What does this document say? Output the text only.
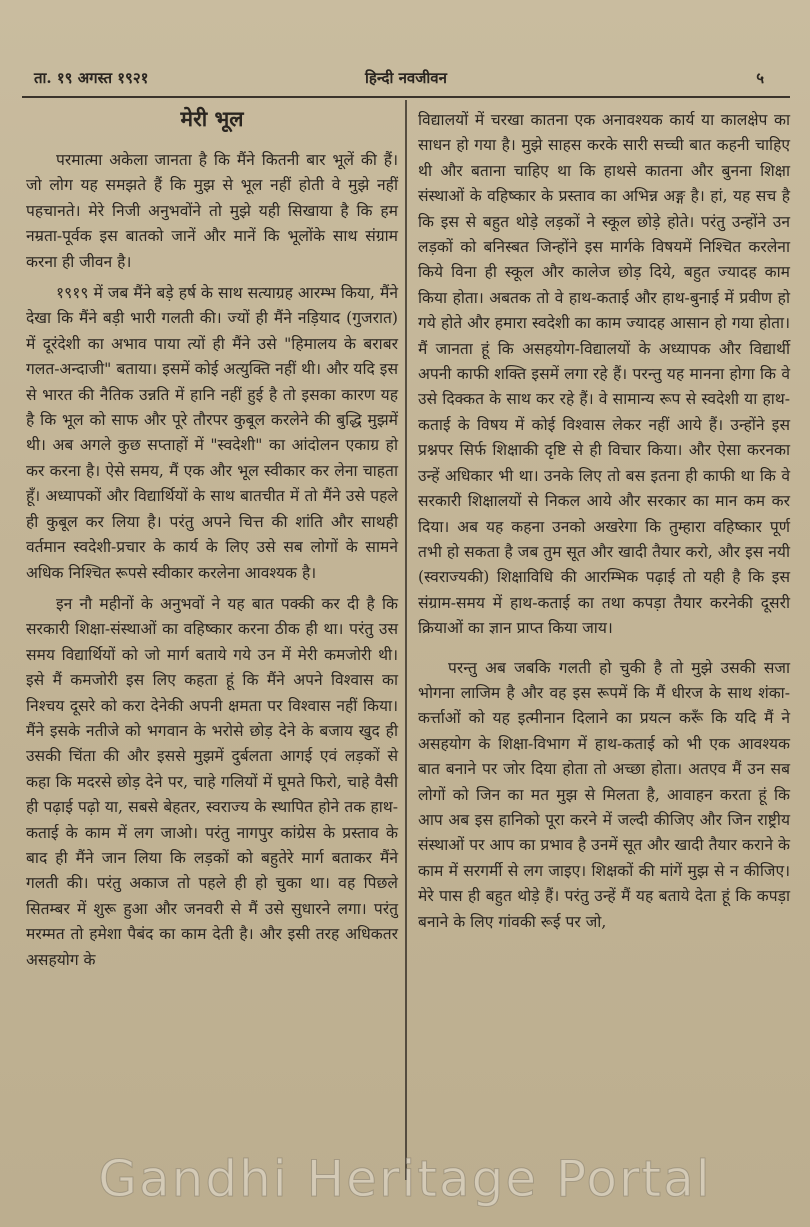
ता. १९ अगस्त १९२१	हिन्दी नवजीवन	५
मेरी भूल

परमात्मा अकेला जानता है कि मैंने कितनी बार भूलें की हैं। जो लोग यह समझते हैं कि मुझ से भूल नहीं होती वे मुझे नहीं पहचानते। मेरे निजी अनुभवोंने तो मुझे यही सिखाया है कि हम नम्रता-पूर्वक इस बातको जानें और मानें कि भूलोंके साथ संग्राम करना ही जीवन है।

१९१९ में जब मैंने बड़े हर्ष के साथ सत्याग्रह आरम्भ किया, मैंने देखा कि मैंने बड़ी भारी गलती की। ज्यों ही मैंने नड़ियाद (गुजरात) में दूरंदेशी का अभाव पाया त्यों ही मैंने उसे "हिमालय के बराबर गलत-अन्दाजी" बताया। इसमें कोई अत्युक्ति नहीं थी। और यदि इस से भारत की नैतिक उन्नति में हानि नहीं हुई है तो इसका कारण यह है कि भूल को साफ और पूरे तौरपर कुबूल करलेने की बुद्धि मुझमें थी। अब अगले कुछ सप्ताहों में "स्वदेशी" का आंदोलन एकाग्र हो कर करना है। ऐसे समय, मैं एक और भूल स्वीकार कर लेना चाहता हूँ। अध्यापकों और विद्यार्थियों के साथ बातचीत में तो मैंने उसे पहले ही कुबूल कर लिया है। परंतु अपने चित्त की शांति और साथही वर्तमान स्वदेशी-प्रचार के कार्य के लिए उसे सब लोगों के सामने अधिक निश्चित रूपसे स्वीकार करलेना आवश्यक है।

इन नौ महीनों के अनुभवों ने यह बात पक्की कर दी है कि सरकारी शिक्षा-संस्थाओं का वहिष्कार करना ठीक ही था। परंतु उस समय विद्यार्थियों को जो मार्ग बताये गये उन में मेरी कमजोरी थी। इसे मैं कमजोरी इस लिए कहता हूं कि मैंने अपने विश्वास का निश्चय दूसरे को करा देनेकी अपनी क्षमता पर विश्वास नहीं किया। मैंने इसके नतीजे को भगवान के भरोसे छोड़ देने के बजाय खुद ही उसकी चिंता की और इससे मुझमें दुर्बलता आगई एवं लड़कों से कहा कि मदरसे छोड़ देने पर, चाहे गलियों में घूमते फिरो, चाहे वैसी ही पढ़ाई पढ़ो या, सबसे बेहतर, स्वराज्य के स्थापित होने तक हाथ-कताई के काम में लग जाओ। परंतु नागपुर कांग्रेस के प्रस्ताव के बाद ही मैंने जान लिया कि लड़कों को बहुतेरे मार्ग बताकर मैंने गलती की। परंतु अकाज तो पहले ही हो चुका था। वह पिछले सितम्बर में शुरू हुआ और जनवरी से मैं उसे सुधारने लगा। परंतु मरम्मत तो हमेशा पैबंद का काम देती है। और इसी तरह अधिकतर असहयोग के

विद्यालयों में चरखा कातना एक अनावश्यक कार्य या कालक्षेप का साधन हो गया है। मुझे साहस करके सारी सच्ची बात कहनी चाहिए थी और बताना चाहिए था कि हाथसे कातना और बुनना शिक्षा संस्थाओं के वहिष्कार के प्रस्ताव का अभिन्न अङ्ग है। हां, यह सच है कि इस से बहुत थोड़े लड़कों ने स्कूल छोड़े होते। परंतु उन्होंने उन लड़कों को बनिस्बत जिन्होंने इस मार्गके विषयमें निश्चित करलेना किये विना ही स्कूल और कालेज छोड़ दिये, बहुत ज्यादह काम किया होता। अबतक तो वे हाथ-कताई और हाथ-बुनाई में प्रवीण हो गये होते और हमारा स्वदेशी का काम ज्यादह आसान हो गया होता। मैं जानता हूं कि असहयोग-विद्यालयों के अध्यापक और विद्यार्थी अपनी काफी शक्ति इसमें लगा रहे हैं। परन्तु यह मानना होगा कि वे उसे दिक्कत के साथ कर रहे हैं। वे सामान्य रूप से स्वदेशी या हाथ-कताई के विषय में कोई विश्वास लेकर नहीं आये हैं। उन्होंने इस प्रश्नपर सिर्फ शिक्षाकी दृष्टि से ही विचार किया। और ऐसा करनका उन्हें अधिकार भी था। उनके लिए तो बस इतना ही काफी था कि वे सरकारी शिक्षालयों से निकल आये और सरकार का मान कम कर दिया। अब यह कहना उनको अखरेगा कि तुम्हारा वहिष्कार पूर्ण तभी हो सकता है जब तुम सूत और खादी तैयार करो, और इस नयी (स्वराज्यकी) शिक्षाविधि की आरम्भिक पढ़ाई तो यही है कि इस संग्राम-समय में हाथ-कताई का तथा कपड़ा तैयार करनेकी दूसरी क्रियाओं का ज्ञान प्राप्त किया जाय।

परन्तु अब जबकि गलती हो चुकी है तो मुझे उसकी सजा भोगना लाजिम है और वह इस रूपमें कि मैं धीरज के साथ शंका-कर्त्ताओं को यह इत्मीनान दिलाने का प्रयत्न करूँ कि यदि मैं ने असहयोग के शिक्षा-विभाग में हाथ-कताई को भी एक आवश्यक बात बनाने पर जोर दिया होता तो अच्छा होता। अतएव मैं उन सब लोगों को जिन का मत मुझ से मिलता है, आवाहन करता हूं कि आप अब इस हानिको पूरा करने में जल्दी कीजिए और जिन राष्ट्रीय संस्थाओं पर आप का प्रभाव है उनमें सूत और खादी तैयार कराने के काम में सरगर्मी से लग जाइए। शिक्षकों की मांगें मुझ से न कीजिए। मेरे पास ही बहुत थोड़े हैं। परंतु उन्हें मैं यह बताये देता हूं कि कपड़ा बनाने के लिए गांवकी रूई पर जो,

Gandhi Heritage Portal
